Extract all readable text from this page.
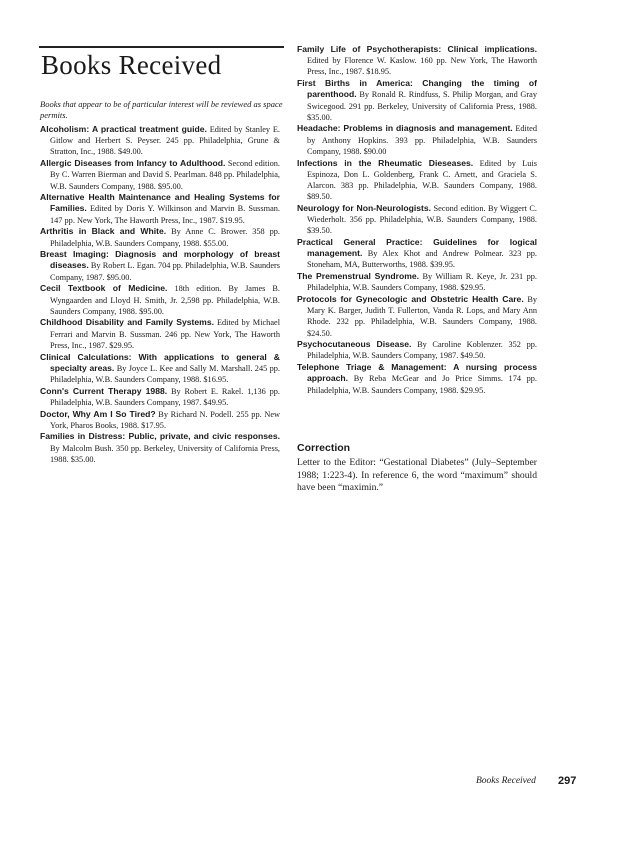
Books Received

Books that appear to be of particular interest will be reviewed as space permits.

Alcoholism: A practical treatment guide. Edited by Stanley E. Gitlow and Herbert S. Peyser. 245 pp. Philadelphia, Grune & Stratton, Inc., 1988. $49.00.

Allergic Diseases from Infancy to Adulthood. Second edition. By C. Warren Bierman and David S. Pearlman. 848 pp. Philadelphia, W.B. Saunders Company, 1988. $95.00.

Alternative Health Maintenance and Healing Systems for Families. Edited by Doris Y. Wilkinson and Marvin B. Sussman. 147 pp. New York, The Haworth Press, Inc., 1987. $19.95.

Arthritis in Black and White. By Anne C. Brower. 358 pp. Philadelphia, W.B. Saunders Company, 1988. $55.00.

Breast Imaging: Diagnosis and morphology of breast diseases. By Robert L. Egan. 704 pp. Philadelphia, W.B. Saunders Company, 1987. $95.00.

Cecil Textbook of Medicine. 18th edition. By James B. Wyngaarden and Lloyd H. Smith, Jr. 2,598 pp. Philadelphia, W.B. Saunders Company, 1988. $95.00.

Childhood Disability and Family Systems. Edited by Michael Ferrari and Marvin B. Sussman. 246 pp. New York, The Haworth Press, Inc., 1987. $29.95.

Clinical Calculations: With applications to general & specialty areas. By Joyce L. Kee and Sally M. Marshall. 245 pp. Philadelphia, W.B. Saunders Company, 1988. $16.95.

Conn's Current Therapy 1988. By Robert E. Rakel. 1,136 pp. Philadelphia, W.B. Saunders Company, 1987. $49.95.

Doctor, Why Am I So Tired? By Richard N. Podell. 255 pp. New York, Pharos Books, 1988. $17.95.

Families in Distress: Public, private, and civic responses. By Malcolm Bush. 350 pp. Berkeley, University of California Press, 1988. $35.00.

Family Life of Psychotherapists: Clinical implications. Edited by Florence W. Kaslow. 160 pp. New York, The Haworth Press, Inc., 1987. $18.95.

First Births in America: Changing the timing of parenthood. By Ronald R. Rindfuss, S. Philip Morgan, and Gray Swicegood. 291 pp. Berkeley, University of California Press, 1988. $35.00.

Headache: Problems in diagnosis and management. Edited by Anthony Hopkins. 393 pp. Philadelphia, W.B. Saunders Company, 1988. $90.00

Infections in the Rheumatic Dieseases. Edited by Luis Espinoza, Don L. Goldenberg, Frank C. Arnett, and Graciela S. Alarcon. 383 pp. Philadelphia, W.B. Saunders Company, 1988. $89.50.

Neurology for Non-Neurologists. Second edition. By Wiggert C. Wiederholt. 356 pp. Philadelphia, W.B. Saunders Company, 1988. $39.50.

Practical General Practice: Guidelines for logical management. By Alex Khot and Andrew Polmear. 323 pp. Stoneham, MA, Butterworths, 1988. $39.95.

The Premenstrual Syndrome. By William R. Keye, Jr. 231 pp. Philadelphia, W.B. Saunders Company, 1988. $29.95.

Protocols for Gynecologic and Obstetric Health Care. By Mary K. Barger, Judith T. Fullerton, Vanda R. Lops, and Mary Ann Rhode. 232 pp. Philadelphia, W.B. Saunders Company, 1988. $24.50.

Psychocutaneous Disease. By Caroline Koblenzer. 352 pp. Philadelphia, W.B. Saunders Company, 1987. $49.50.

Telephone Triage & Management: A nursing process approach. By Reba McGear and Jo Price Simms. 174 pp. Philadelphia, W.B. Saunders Company, 1988. $29.95.

Correction

Letter to the Editor: “Gestational Diabetes” (July–September 1988; 1:223-4). In reference 6, the word “maximum” should have been “maximin.”

Books Received 297
